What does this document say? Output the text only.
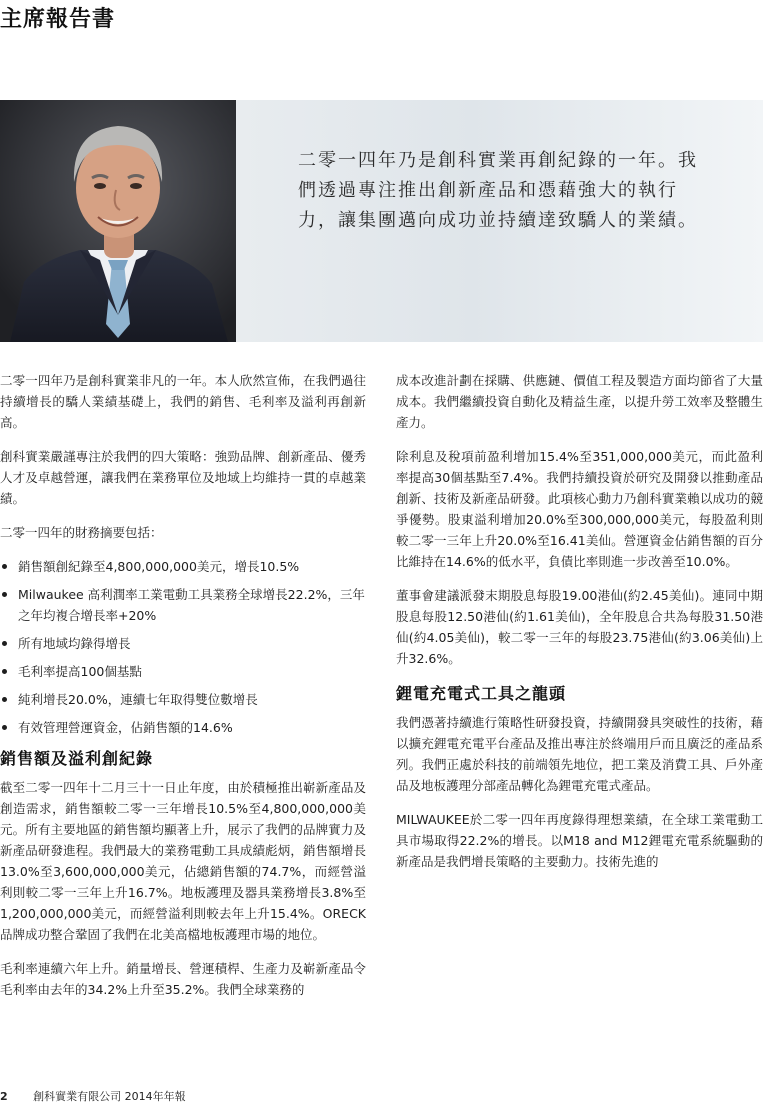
主席報告書
二零一四年乃是創科實業再創紀錄的一年。我們透過專注推出創新產品和憑藉強大的執行力，讓集團邁向成功並持續達致驕人的業績。

二零一四年乃是創科實業非凡的一年。本人欣然宣佈，在我們過往持續增長的驕人業績基礎上，我們的銷售、毛利率及溢利再創新高。

創科實業嚴謹專注於我們的四大策略：強勁品牌、創新產品、優秀人才及卓越營運，讓我們在業務單位及地域上均維持一貫的卓越業績。

二零一四年的財務摘要包括：

銷售額創紀錄至4,800,000,000美元，增長10.5%
Milwaukee 高利潤率工業電動工具業務全球增長22.2%，三年之年均複合增長率+20%
所有地域均錄得增長
毛利率提高100個基點
純利增長20.0%，連續七年取得雙位數增長
有效管理營運資金，佔銷售額的14.6%
銷售額及溢利創紀錄

截至二零一四年十二月三十一日止年度，由於積極推出嶄新產品及創造需求，銷售額較二零一三年增長10.5%至4,800,000,000美元。所有主要地區的銷售額均顯著上升，展示了我們的品牌實力及新產品研發進程。我們最大的業務電動工具成績彪炳，銷售額增長13.0%至3,600,000,000美元，佔總銷售額的74.7%，而經營溢利則較二零一三年上升16.7%。地板護理及器具業務增長3.8%至1,200,000,000美元，而經營溢利則較去年上升15.4%。ORECK品牌成功整合鞏固了我們在北美高檔地板護理市場的地位。

毛利率連續六年上升。銷量增長、營運積桿、生產力及嶄新產品令毛利率由去年的34.2%上升至35.2%。我們全球業務的

成本改進計劃在採購、供應鏈、價值工程及製造方面均節省了大量成本。我們繼續投資自動化及精益生產，以提升勞工效率及整體生產力。

除利息及稅項前盈利增加15.4%至351,000,000美元，而此盈利率提高30個基點至7.4%。我們持續投資於研究及開發以推動產品創新、技術及新產品研發。此項核心動力乃創科實業賴以成功的競爭優勢。股東溢利增加20.0%至300,000,000美元，每股盈利則較二零一三年上升20.0%至16.41美仙。營運資金佔銷售額的百分比維持在14.6%的低水平，負債比率則進一步改善至10.0%。

董事會建議派發末期股息每股19.00港仙(約2.45美仙)。連同中期股息每股12.50港仙(約1.61美仙)，全年股息合共為每股31.50港仙(約4.05美仙)，較二零一三年的每股23.75港仙(約3.06美仙)上升32.6%。

鋰電充電式工具之龍頭

我們憑著持續進行策略性研發投資，持續開發具突破性的技術，藉以擴充鋰電充電平台產品及推出專注於終端用戶而且廣泛的產品系列。我們正處於科技的前端領先地位，把工業及消費工具、戶外產品及地板護理分部產品轉化為鋰電充電式產品。

MILWAUKEE於二零一四年再度錄得理想業績，在全球工業電動工具市場取得22.2%的增長。以M18 and M12鋰電充電系統驅動的新產品是我們增長策略的主要動力。技術先進的

2 創科實業有限公司 2014年年報
